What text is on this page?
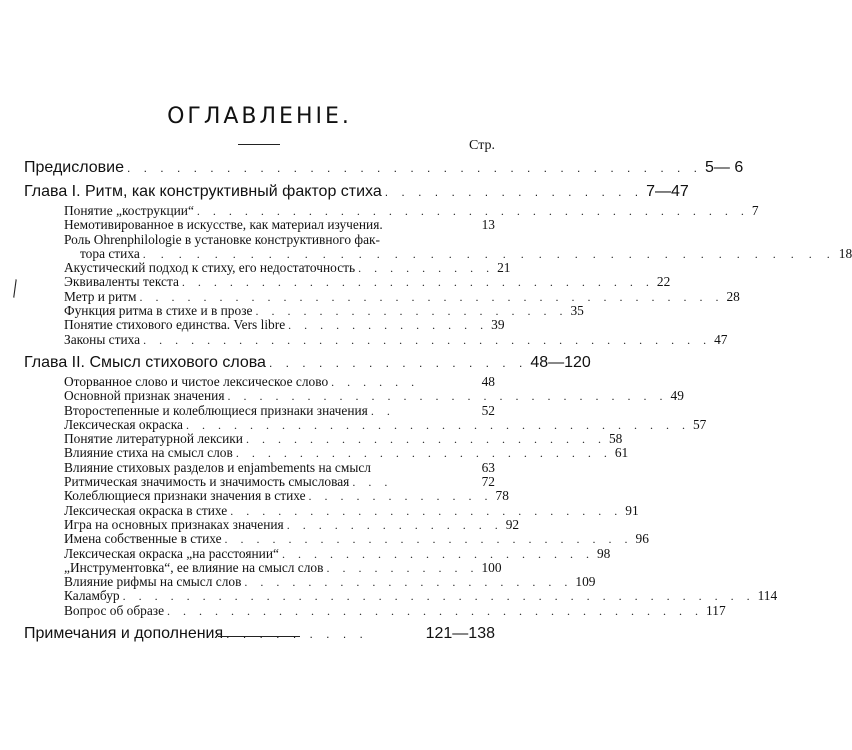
ОГЛАВЛЕНІЕ.
Стр.
╲
Предисловие . . . . . . . . . . . . . . . . . . . . . . . . . . . . . . . . . . . 5— 6
Глава I. Ритм, как конструктивный фактор стиха . . . . . . . . . . . . . . . . 7—47
Понятие „кострукции“ . . . . . . . . . . . . . . . . . . . . . . . . . . . . . . . . . . . 7
Немотивированное в искусстве, как материал изучения.	13
Роль Ohrenphilologie в установке конструктивного фак-
тора стиха . . . . . . . . . . . . . . . . . . . . . . . . . . . . . . . . . . . . . . . 18
Акустический подход к стиху, его недостаточность . . . . . . . . . 21
Эквиваленты текста . . . . . . . . . . . . . . . . . . . . . . . . . . . . . . 22
Метр и ритм . . . . . . . . . . . . . . . . . . . . . . . . . . . . . . . . . . . . . 28
Функция ритма в стихе и в прозе . . . . . . . . . . . . . . . . . . . . 35
Понятие стихового единства. Vers libre . . . . . . . . . . . . . 39
Законы стиха . . . . . . . . . . . . . . . . . . . . . . . . . . . . . . . . . . . . 47
Глава II. Смысл стихового слова . . . . . . . . . . . . . . . . 48—120
Оторванное слово и чистое лексическое слово . . . . . .	48
Основной признак значения . . . . . . . . . . . . . . . . . . . . . . . . . . . . 49
Второстепенные и колеблющиеся признаки значения . .	52
Лексическая окраска . . . . . . . . . . . . . . . . . . . . . . . . . . . . . . . . 57
Понятие литературной лексики . . . . . . . . . . . . . . . . . . . . . . . 58
Влияние стиха на смысл слов . . . . . . . . . . . . . . . . . . . . . . . . 61
Влияние стиховых разделов и enjambements на смысл	63
Ритмическая значимость и значимость смысловая . . .	72
Колеблющиеся признаки значения в стихе . . . . . . . . . . . . 78
Лексическая окраска в стихе . . . . . . . . . . . . . . . . . . . . . . . . . 91
Игра на основных признаках значения . . . . . . . . . . . . . . 92
Имена собственные в стихе . . . . . . . . . . . . . . . . . . . . . . . . . . 96
Лексическая окраска „на расстоянии“ . . . . . . . . . . . . . . . . . . . . 98
„Инструментовка“, ее влияние на смысл слов . . . . . . . . . . 100
Влияние рифмы на смысл слов . . . . . . . . . . . . . . . . . . . . . 109
Каламбур . . . . . . . . . . . . . . . . . . . . . . . . . . . . . . . . . . . . . . . . 114
Вопрос об образе . . . . . . . . . . . . . . . . . . . . . . . . . . . . . . . . . . 117
Примечания и дополнения . . . . . . . . .	121—138
